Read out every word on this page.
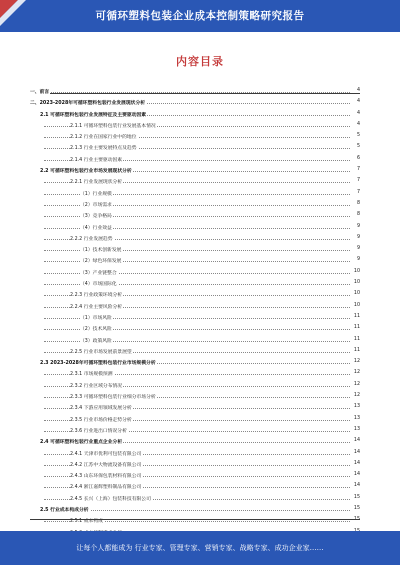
可循环塑料包装企业成本控制策略研究报告
内容目录
一、前言	4
二、2023-2028年可循环塑料包装行业发展现状分析	4
2.1 可循环塑料包装行业发展特征及主要驱动因素	4
2.1.1 可循环塑料包装行业发展基本情况	4
2.1.2 行业在国家行业中的地位	5
2.1.3 行业主要发展特点及趋势	5
2.1.4 行业主要驱动因素	6
2.2 可循环塑料包装行业市场发展现状分析	7
2.2.1 行业发展现状分析	7
（1）行业规模	7
（2）市场需求	8
（3）竞争格局	8
（4）行业效益	9
2.2.2 行业发展趋势	9
（1）技术创新发展	9
（2）绿色环保发展	9
（3）产业链整合	10
（4）市场国际化	10
2.2.3 行业政策环境分析	10
2.2.4 行业主要风险分析	10
（1）市场风险	11
（2）技术风险	11
（3）政策风险	11
2.2.5 行业市场发展前景展望	11
2.3 2023-2028年可循环塑料包装行业市场规模分析	12
2.3.1 市场规模预测	12
2.3.2 行业区域分布情况	12
2.3.3 可循环塑料包装行业细分市场分析	12
2.3.4 下游应用领域发展分析	13
2.3.5 行业市场价格走势分析	13
2.3.6 行业进出口情况分析	13
2.4 可循环塑料包装行业重点企业分析	14
2.4.1 天津市优利可包装有限公司	14
2.4.2 江苏中大物流设备有限公司	14
2.4.3 山东环保包装材料有限公司	14
2.4.4 浙江嘉辉塑料制品有限公司	14
2.4.5 长兴（上海）包装科技有限公司	15
2.5 行业成本构成分析	15
2.5.1 成本构成	15
让每个人都能成为 行业专家、管理专家、营销专家、战略专家、成功企业家……
